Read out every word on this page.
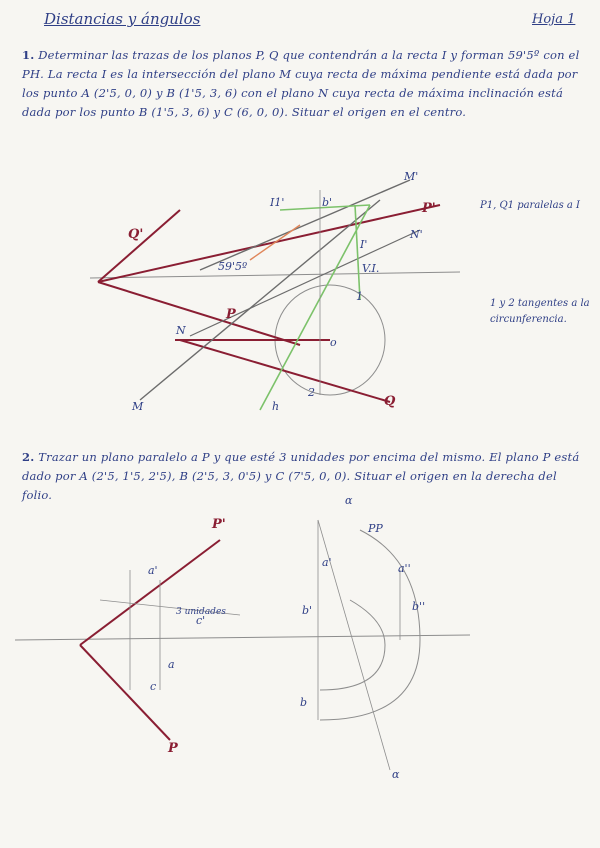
Distancias y ángulos	Hoja 1
1. Determinar las trazas de los planos P, Q que contendrán a la recta I y forman 59'5º con el PH. La recta I es la intersección del plano M cuya recta de máxima pendiente está dada por los punto A (2'5, 0, 0) y B (1'5, 3, 6) con el plano N cuya recta de máxima inclinación está dada por los punto B (1'5, 3, 6) y C (6, 0, 0). Situar el origen en el centro.
P1, Q1 paralelas a I
1 y 2 tangentes a la circunferencia.
2. Trazar un plano paralelo a P y que esté 3 unidades por encima del mismo. El plano P está dado por A (2'5, 1'5, 2'5), B (2'5, 3, 0'5) y C (7'5, 0, 0). Situar el origen en la derecha del folio.
Q'
P'
P
Q
M
M'
N'
N
I1'	b'
I'
h
1
2
o
59'5º	V.I.
P'
P
a'
c'
a
b
c
a'
b'
a''
b''
α
α
PP
3 unidades
